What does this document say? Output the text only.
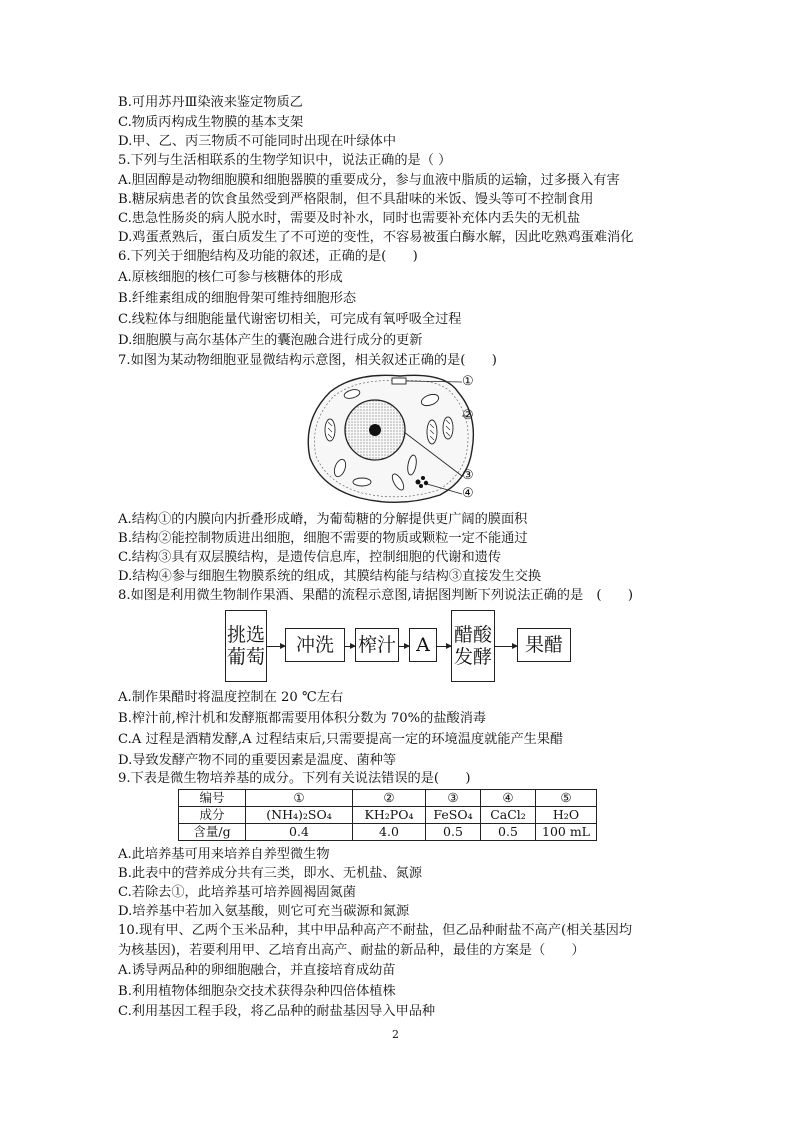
B.可用苏丹Ⅲ染液来鉴定物质乙
C.物质丙构成生物膜的基本支架
D.甲、乙、丙三物质不可能同时出现在叶绿体中
5.下列与生活相联系的生物学知识中，说法正确的是（ ）
A.胆固醇是动物细胞膜和细胞器膜的重要成分，参与血液中脂质的运输，过多摄入有害
B.糖尿病患者的饮食虽然受到严格限制，但不具甜味的米饭、馒头等可不控制食用
C.患急性肠炎的病人脱水时，需要及时补水，同时也需要补充体内丢失的无机盐
D.鸡蛋煮熟后，蛋白质发生了不可逆的变性，不容易被蛋白酶水解，因此吃熟鸡蛋难消化
6.下列关于细胞结构及功能的叙述，正确的是(　　)
A.原核细胞的核仁可参与核糖体的形成
B.纤维素组成的细胞骨架可维持细胞形态
C.线粒体与细胞能量代谢密切相关，可完成有氧呼吸全过程
D.细胞膜与高尔基体产生的囊泡融合进行成分的更新
7.如图为某动物细胞亚显微结构示意图，相关叙述正确的是(　　)
①
②
③
④
A.结构①的内膜向内折叠形成嵴，为葡萄糖的分解提供更广阔的膜面积
B.结构②能控制物质进出细胞，细胞不需要的物质或颗粒一定不能通过
C.结构③具有双层膜结构，是遗传信息库，控制细胞的代谢和遗传
D.结构④参与细胞生物膜系统的组成，其膜结构能与结构③直接发生交换
8.如图是利用微生物制作果酒、果醋的流程示意图,请据图判断下列说法正确的是　(　　)
挑选
葡萄
冲洗 榨汁 A 醋酸
发酵
果醋
A.制作果醋时将温度控制在 20 ℃左右
B.榨汁前,榨汁机和发酵瓶都需要用体积分数为 70%的盐酸消毒
C.A 过程是酒精发酵,A 过程结束后,只需要提高一定的环境温度就能产生果醋
D.导致发酵产物不同的重要因素是温度、菌种等
9.下表是微生物培养基的成分。下列有关说法错误的是(　　)
编号	①	②	③	④	⑤
成分	(NH₄)₂SO₄	KH₂PO₄	FeSO₄	CaCl₂	H₂O
含量/g	0.4	4.0	0.5	0.5	100 mL
A.此培养基可用来培养自养型微生物
B.此表中的营养成分共有三类，即水、无机盐、氮源
C.若除去①，此培养基可培养圆褐固氮菌
D.培养基中若加入氨基酸，则它可充当碳源和氮源
10.现有甲、乙两个玉米品种，其中甲品种高产不耐盐，但乙品种耐盐不高产(相关基因均
为核基因)，若要利用甲、乙培育出高产、耐盐的新品种，最佳的方案是（　　）
A.诱导两品种的卵细胞融合，并直接培育成幼苗
B.利用植物体细胞杂交技术获得杂种四倍体植株
C.利用基因工程手段，将乙品种的耐盐基因导入甲品种
2
